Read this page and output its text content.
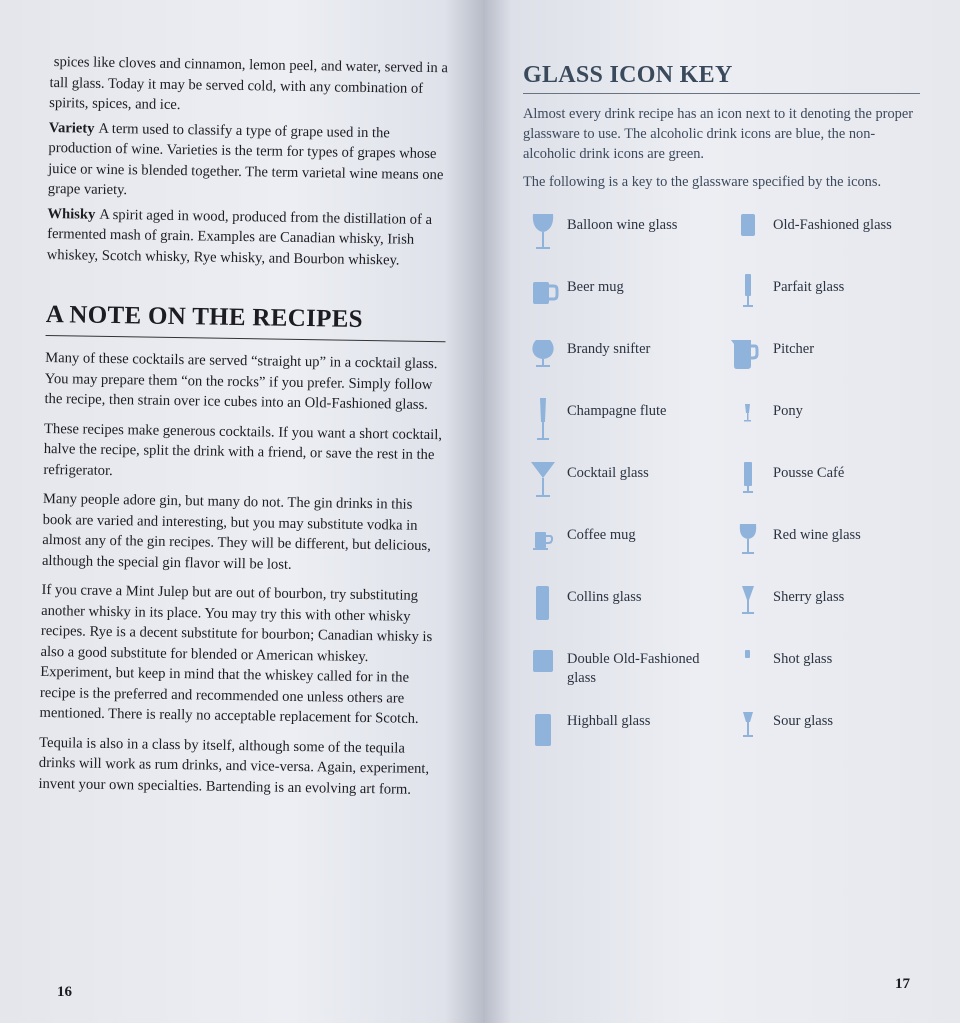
spices like cloves and cinnamon, lemon peel, and water, served in a tall glass. Today it may be served cold, with any combination of spirits, spices, and ice.

Variety A term used to classify a type of grape used in the production of wine. Varieties is the term for types of grapes whose juice or wine is blended together. The term varietal wine means one grape variety.

Whisky A spirit aged in wood, produced from the distillation of a fermented mash of grain. Examples are Canadian whisky, Irish whiskey, Scotch whisky, Rye whisky, and Bourbon whiskey.

A NOTE ON THE RECIPES

Many of these cocktails are served “straight up” in a cocktail glass. You may prepare them “on the rocks” if you prefer. Simply follow the recipe, then strain over ice cubes into an Old-Fashioned glass.

These recipes make generous cocktails. If you want a short cocktail, halve the recipe, split the drink with a friend, or save the rest in the refrigerator.

Many people adore gin, but many do not. The gin drinks in this book are varied and interesting, but you may substitute vodka in almost any of the gin recipes. They will be different, but delicious, although the special gin flavor will be lost.

If you crave a Mint Julep but are out of bourbon, try substituting another whisky in its place. You may try this with other whisky recipes. Rye is a decent substitute for bourbon; Canadian whisky is also a good substitute for blended or American whiskey. Experiment, but keep in mind that the whiskey called for in the recipe is the preferred and recommended one unless others are mentioned. There is really no acceptable replacement for Scotch.

Tequila is also in a class by itself, although some of the tequila drinks will work as rum drinks, and vice-versa. Again, experiment, invent your own specialties. Bartending is an evolving art form.

16
GLASS ICON KEY

Almost every drink recipe has an icon next to it denoting the proper glassware to use. The alcoholic drink icons are blue, the non-alcoholic drink icons are green.

The following is a key to the glassware specified by the icons.

Balloon wine glass
Beer mug
Brandy snifter
Champagne flute
Cocktail glass
Coffee mug
Collins glass
Double Old-Fashioned glass
Highball glass
Old-Fashioned glass
Parfait glass
Pitcher
Pony
Pousse Café
Red wine glass
Sherry glass
Shot glass
Sour glass
17
